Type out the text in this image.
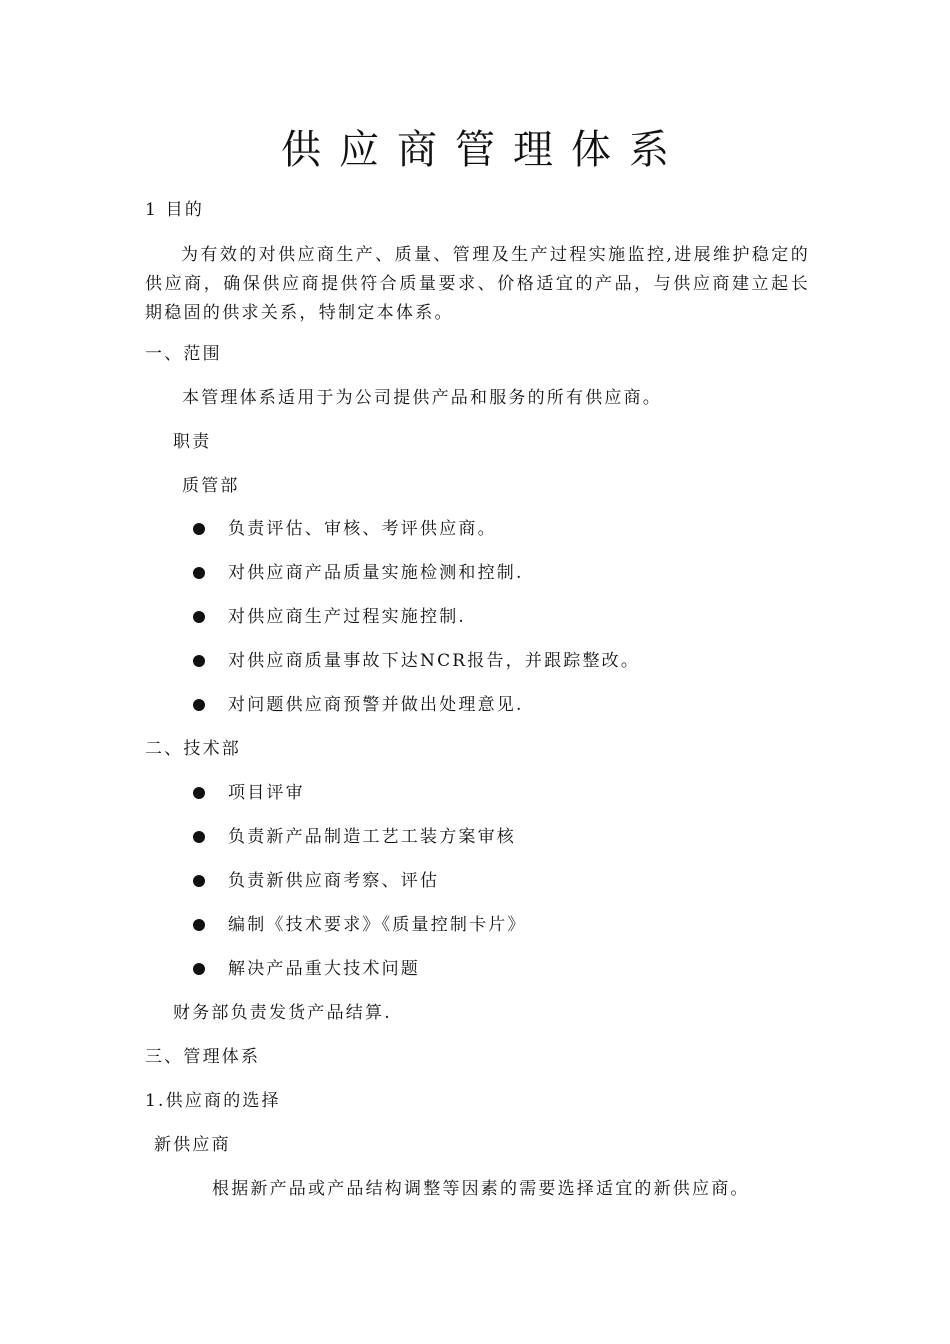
供应商管理体系

1 目的

为有效的对供应商生产、质量、管理及生产过程实施监控,进展维护稳定的供应商，确保供应商提供符合质量要求、价格适宜的产品，与供应商建立起长期稳固的供求关系，特制定本体系。

一、范围

本管理体系适用于为公司提供产品和服务的所有供应商。

职责

质管部

负责评估、审核、考评供应商。
对供应商产品质量实施检测和控制.
对供应商生产过程实施控制.
对供应商质量事故下达NCR报告，并跟踪整改。
对问题供应商预警并做出处理意见.

二、技术部

项目评审
负责新产品制造工艺工装方案审核
负责新供应商考察、评估
编制《技术要求》《质量控制卡片》
解决产品重大技术问题

财务部负责发货产品结算.

三、管理体系

1.供应商的选择

新供应商

根据新产品或产品结构调整等因素的需要选择适宜的新供应商。
